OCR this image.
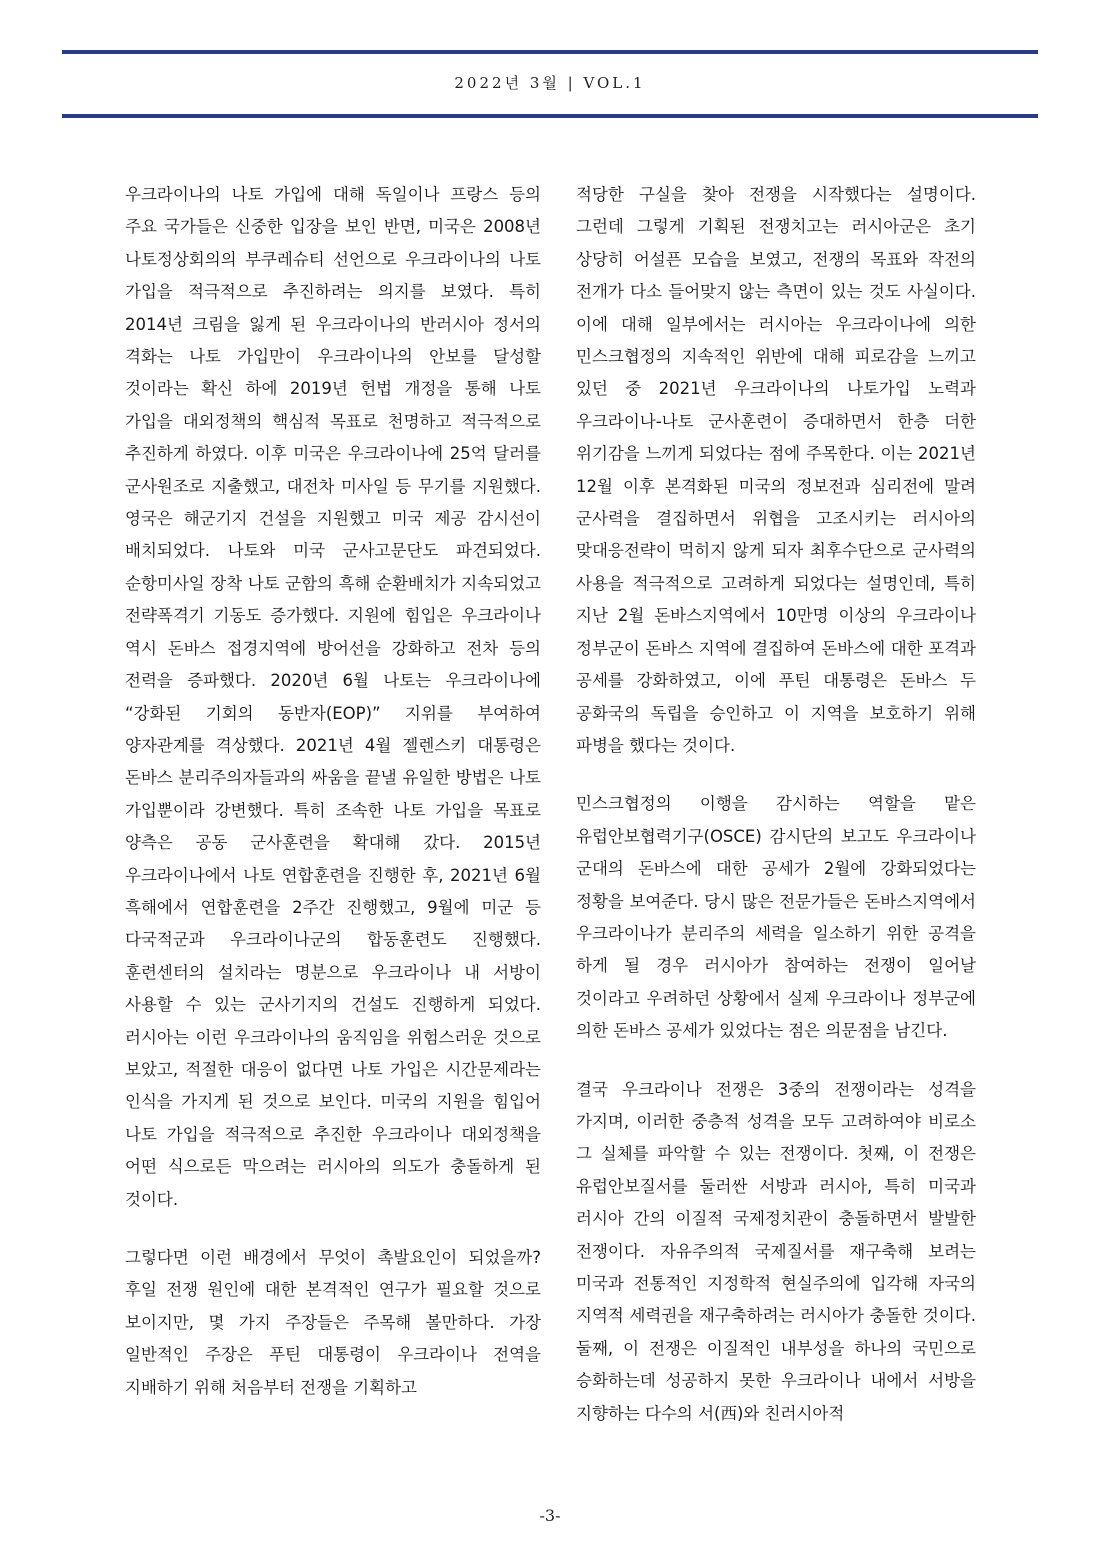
2022년 3월 | VOL.1

우크라이나의 나토 가입에 대해 독일이나 프랑스 등의 주요 국가들은 신중한 입장을 보인 반면, 미국은 2008년 나토정상회의의 부쿠레슈티 선언으로 우크라이나의 나토 가입을 적극적으로 추진하려는 의지를 보였다. 특히 2014년 크림을 잃게 된 우크라이나의 반러시아 정서의 격화는 나토 가입만이 우크라이나의 안보를 달성할 것이라는 확신 하에 2019년 헌법 개정을 통해 나토 가입을 대외정책의 핵심적 목표로 천명하고 적극적으로 추진하게 하였다. 이후 미국은 우크라이나에 25억 달러를 군사원조로 지출했고, 대전차 미사일 등 무기를 지원했다. 영국은 해군기지 건설을 지원했고 미국 제공 감시선이 배치되었다. 나토와 미국 군사고문단도 파견되었다. 순항미사일 장착 나토 군함의 흑해 순환배치가 지속되었고 전략폭격기 기동도 증가했다. 지원에 힘입은 우크라이나 역시 돈바스 접경지역에 방어선을 강화하고 전차 등의 전력을 증파했다. 2020년 6월 나토는 우크라이나에 “강화된 기회의 동반자(EOP)” 지위를 부여하여 양자관계를 격상했다. 2021년 4월 젤렌스키 대통령은 돈바스 분리주의자들과의 싸움을 끝낼 유일한 방법은 나토 가입뿐이라 강변했다. 특히 조속한 나토 가입을 목표로 양측은 공동 군사훈련을 확대해 갔다. 2015년 우크라이나에서 나토 연합훈련을 진행한 후, 2021년 6월 흑해에서 연합훈련을 2주간 진행했고, 9월에 미군 등 다국적군과 우크라이나군의 합동훈련도 진행했다. 훈련센터의 설치라는 명분으로 우크라이나 내 서방이 사용할 수 있는 군사기지의 건설도 진행하게 되었다. 러시아는 이런 우크라이나의 움직임을 위험스러운 것으로 보았고, 적절한 대응이 없다면 나토 가입은 시간문제라는 인식을 가지게 된 것으로 보인다. 미국의 지원을 힘입어 나토 가입을 적극적으로 추진한 우크라이나 대외정책을 어떤 식으로든 막으려는 러시아의 의도가 충돌하게 된 것이다.

그렇다면 이런 배경에서 무엇이 촉발요인이 되었을까? 후일 전쟁 원인에 대한 본격적인 연구가 필요할 것으로 보이지만, 몇 가지 주장들은 주목해 볼만하다. 가장 일반적인 주장은 푸틴 대통령이 우크라이나 전역을 지배하기 위해 처음부터 전쟁을 기획하고

적당한 구실을 찾아 전쟁을 시작했다는 설명이다. 그런데 그렇게 기획된 전쟁치고는 러시아군은 초기 상당히 어설픈 모습을 보였고, 전쟁의 목표와 작전의 전개가 다소 들어맞지 않는 측면이 있는 것도 사실이다. 이에 대해 일부에서는 러시아는 우크라이나에 의한 민스크협정의 지속적인 위반에 대해 피로감을 느끼고 있던 중 2021년 우크라이나의 나토가입 노력과 우크라이나-나토 군사훈련이 증대하면서 한층 더한 위기감을 느끼게 되었다는 점에 주목한다. 이는 2021년 12월 이후 본격화된 미국의 정보전과 심리전에 말려 군사력을 결집하면서 위협을 고조시키는 러시아의 맞대응전략이 먹히지 않게 되자 최후수단으로 군사력의 사용을 적극적으로 고려하게 되었다는 설명인데, 특히 지난 2월 돈바스지역에서 10만명 이상의 우크라이나 정부군이 돈바스 지역에 결집하여 돈바스에 대한 포격과 공세를 강화하였고, 이에 푸틴 대통령은 돈바스 두 공화국의 독립을 승인하고 이 지역을 보호하기 위해 파병을 했다는 것이다.

민스크협정의 이행을 감시하는 역할을 맡은 유럽안보협력기구(OSCE) 감시단의 보고도 우크라이나 군대의 돈바스에 대한 공세가 2월에 강화되었다는 정황을 보여준다. 당시 많은 전문가들은 돈바스지역에서 우크라이나가 분리주의 세력을 일소하기 위한 공격을 하게 될 경우 러시아가 참여하는 전쟁이 일어날 것이라고 우려하던 상황에서 실제 우크라이나 정부군에 의한 돈바스 공세가 있었다는 점은 의문점을 남긴다.

결국 우크라이나 전쟁은 3중의 전쟁이라는 성격을 가지며, 이러한 중층적 성격을 모두 고려하여야 비로소 그 실체를 파악할 수 있는 전쟁이다. 첫째, 이 전쟁은 유럽안보질서를 둘러싼 서방과 러시아, 특히 미국과 러시아 간의 이질적 국제정치관이 충돌하면서 발발한 전쟁이다. 자유주의적 국제질서를 재구축해 보려는 미국과 전통적인 지정학적 현실주의에 입각해 자국의 지역적 세력권을 재구축하려는 러시아가 충돌한 것이다. 둘째, 이 전쟁은 이질적인 내부성을 하나의 국민으로 승화하는데 성공하지 못한 우크라이나 내에서 서방을 지향하는 다수의 서(西)와 친러시아적

-3-
